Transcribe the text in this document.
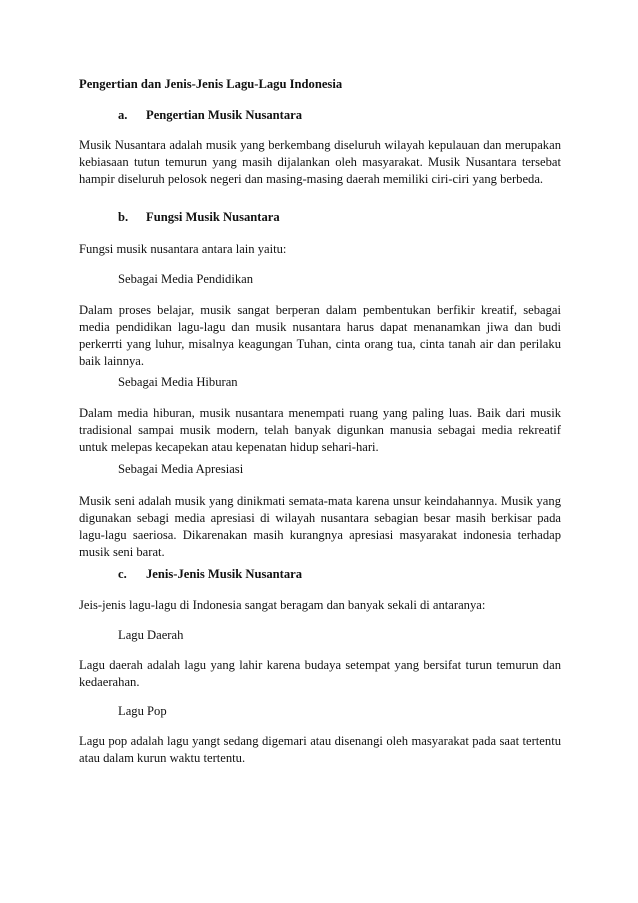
Pengertian dan Jenis-Jenis Lagu-Lagu Indonesia
a. Pengertian Musik Nusantara
Musik Nusantara adalah musik yang berkembang diseluruh wilayah kepulauan dan merupakan kebiasaan tutun temurun yang masih dijalankan oleh masyarakat. Musik Nusantara tersebat hampir diseluruh pelosok negeri dan masing-masing daerah memiliki ciri-ciri yang berbeda.
b. Fungsi Musik Nusantara
Fungsi musik nusantara antara lain yaitu:
Sebagai Media Pendidikan
Dalam proses belajar, musik sangat berperan dalam pembentukan berfikir kreatif, sebagai media pendidikan lagu-lagu dan musik nusantara harus dapat menanamkan jiwa dan budi perkerrti yang luhur, misalnya keagungan Tuhan, cinta orang tua, cinta tanah air dan perilaku baik lainnya.
Sebagai Media Hiburan
Dalam media hiburan, musik nusantara menempati ruang yang paling luas. Baik dari musik tradisional sampai musik modern, telah banyak digunkan manusia sebagai media rekreatif untuk melepas kecapekan atau kepenatan hidup sehari-hari.
Sebagai Media Apresiasi
Musik seni adalah musik yang dinikmati semata-mata karena unsur keindahannya. Musik yang digunakan sebagi media apresiasi di wilayah nusantara sebagian besar masih berkisar pada lagu-lagu saeriosa. Dikarenakan masih kurangnya apresiasi masyarakat indonesia terhadap musik seni barat.
c. Jenis-Jenis Musik Nusantara
Jeis-jenis lagu-lagu di Indonesia sangat beragam dan banyak sekali di antaranya:
Lagu Daerah
Lagu daerah adalah lagu yang lahir karena budaya setempat yang bersifat turun temurun dan kedaerahan.
Lagu Pop
Lagu pop adalah lagu yangt sedang digemari atau disenangi oleh masyarakat pada saat tertentu atau dalam kurun waktu tertentu.
